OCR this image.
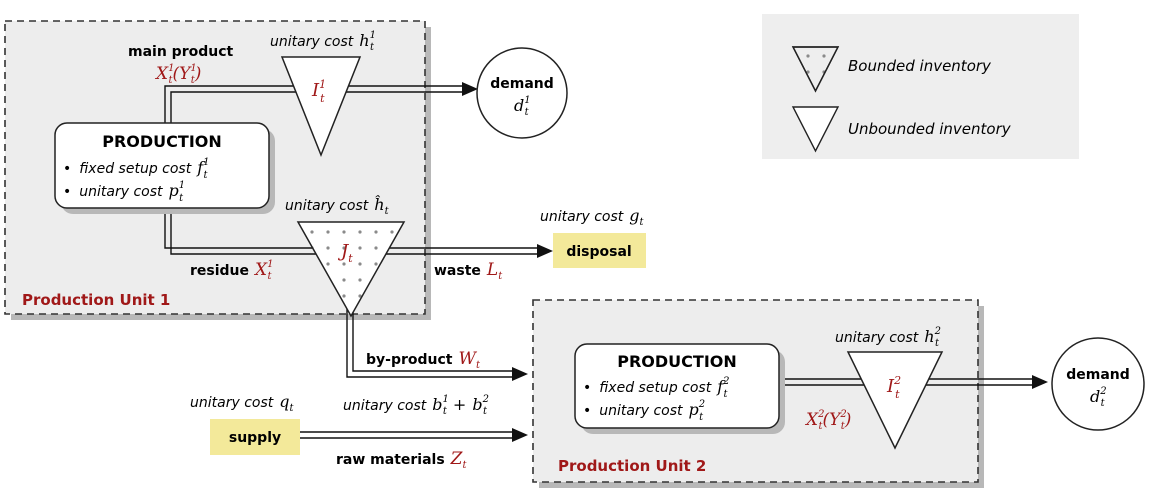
Production Unit 1
Bounded inventory
Unbounded inventory
$I^1$ t
$J_t$
PRODUCTION
• fixed setup cost $f^1$ t
• unitary cost $p^1$ t
main product
$X^1$ $t(Y^1$ t)
unitary cost $h^1$ t
unitary cost $ĥ_t$
residue $X^1$ t
demand
$d^1$ t
waste $L_t$
disposal
unitary cost $g_t$
by-product $W_t$
unitary cost $b^1$ $t + b^2$ t
unitary cost $q_t$
supply
raw materials $Z_t$	Production Unit 2
$I^2$ t
unitary cost $h^2$ t
PRODUCTION
• fixed setup cost $f^2$ t
• unitary cost $p^2$ t	$X^2$ $t(Y^2$ t)
demand
$d^2$ t
